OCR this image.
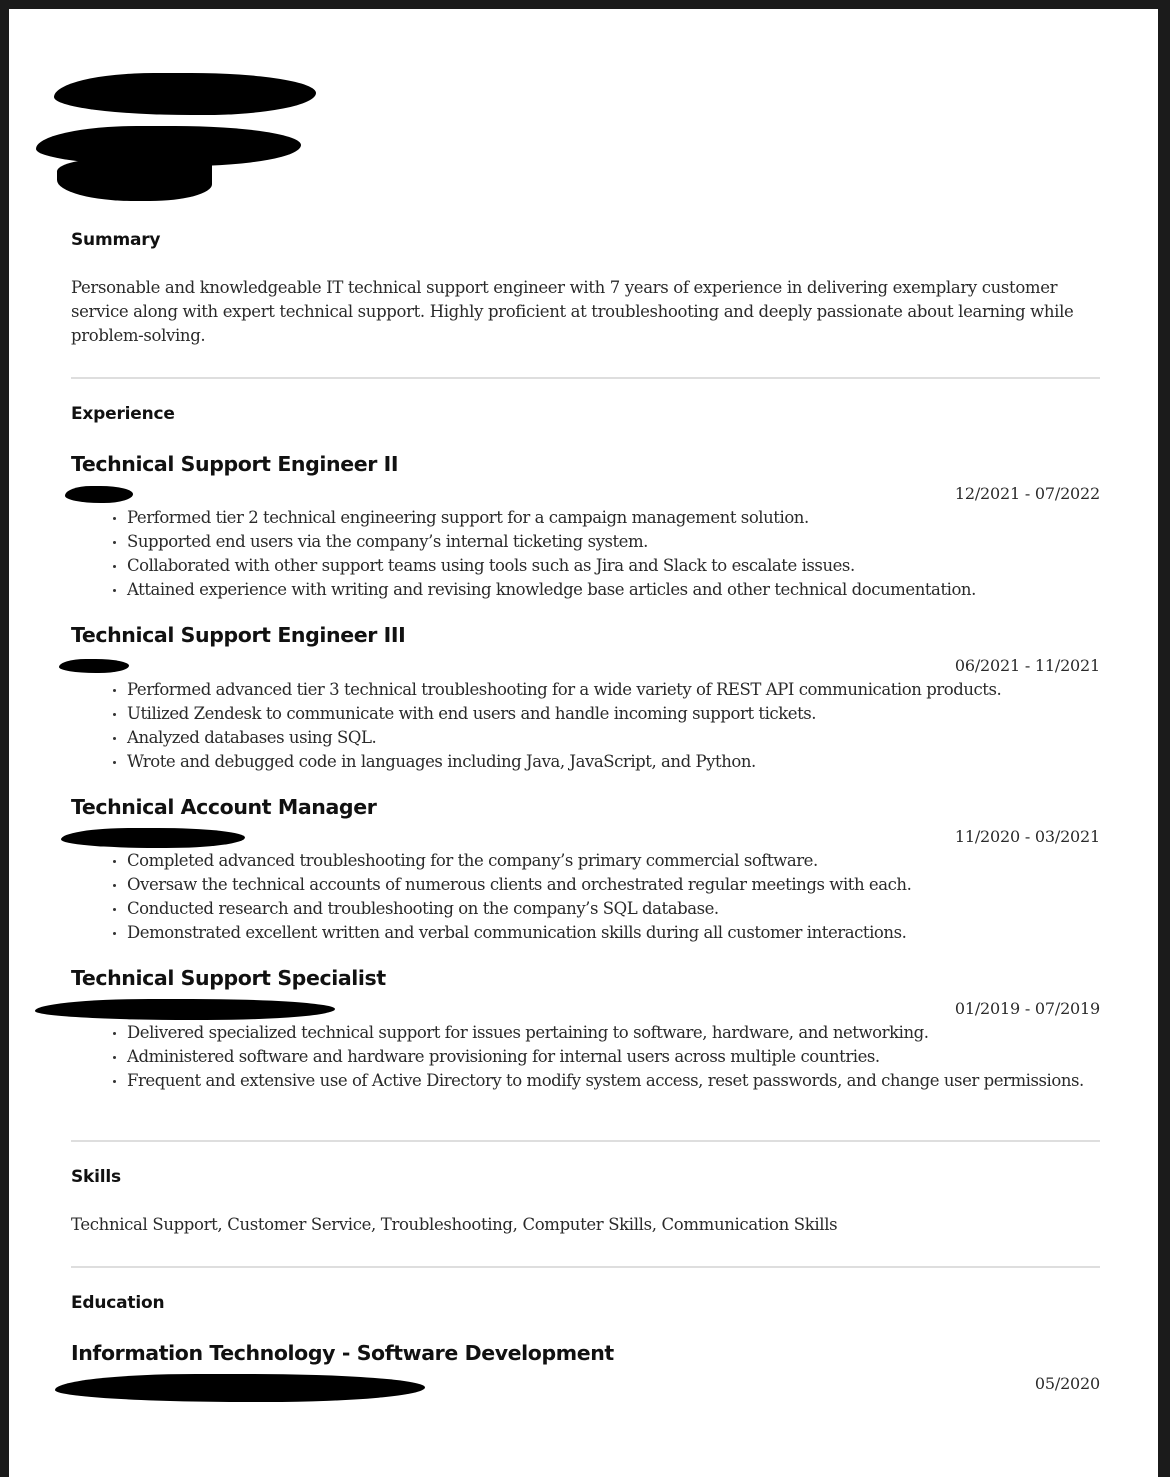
Summary
Personable and knowledgeable IT technical support engineer with 7 years of experience in delivering exemplary customer service along with expert technical support. Highly proficient at troubleshooting and deeply passionate about learning while problem-solving.
Experience
Technical Support Engineer II
12/2021 - 07/2022
Performed tier 2 technical engineering support for a campaign management solution.
Supported end users via the company’s internal ticketing system.
Collaborated with other support teams using tools such as Jira and Slack to escalate issues.
Attained experience with writing and revising knowledge base articles and other technical documentation.
Technical Support Engineer III
06/2021 - 11/2021
Performed advanced tier 3 technical troubleshooting for a wide variety of REST API communication products.
Utilized Zendesk to communicate with end users and handle incoming support tickets.
Analyzed databases using SQL.
Wrote and debugged code in languages including Java, JavaScript, and Python.
Technical Account Manager
11/2020 - 03/2021
Completed advanced troubleshooting for the company’s primary commercial software.
Oversaw the technical accounts of numerous clients and orchestrated regular meetings with each.
Conducted research and troubleshooting on the company’s SQL database.
Demonstrated excellent written and verbal communication skills during all customer interactions.
Technical Support Specialist
01/2019 - 07/2019
Delivered specialized technical support for issues pertaining to software, hardware, and networking.
Administered software and hardware provisioning for internal users across multiple countries.
Frequent and extensive use of Active Directory to modify system access, reset passwords, and change user permissions.
Skills
Technical Support, Customer Service, Troubleshooting, Computer Skills, Communication Skills
Education
Information Technology - Software Development
05/2020
